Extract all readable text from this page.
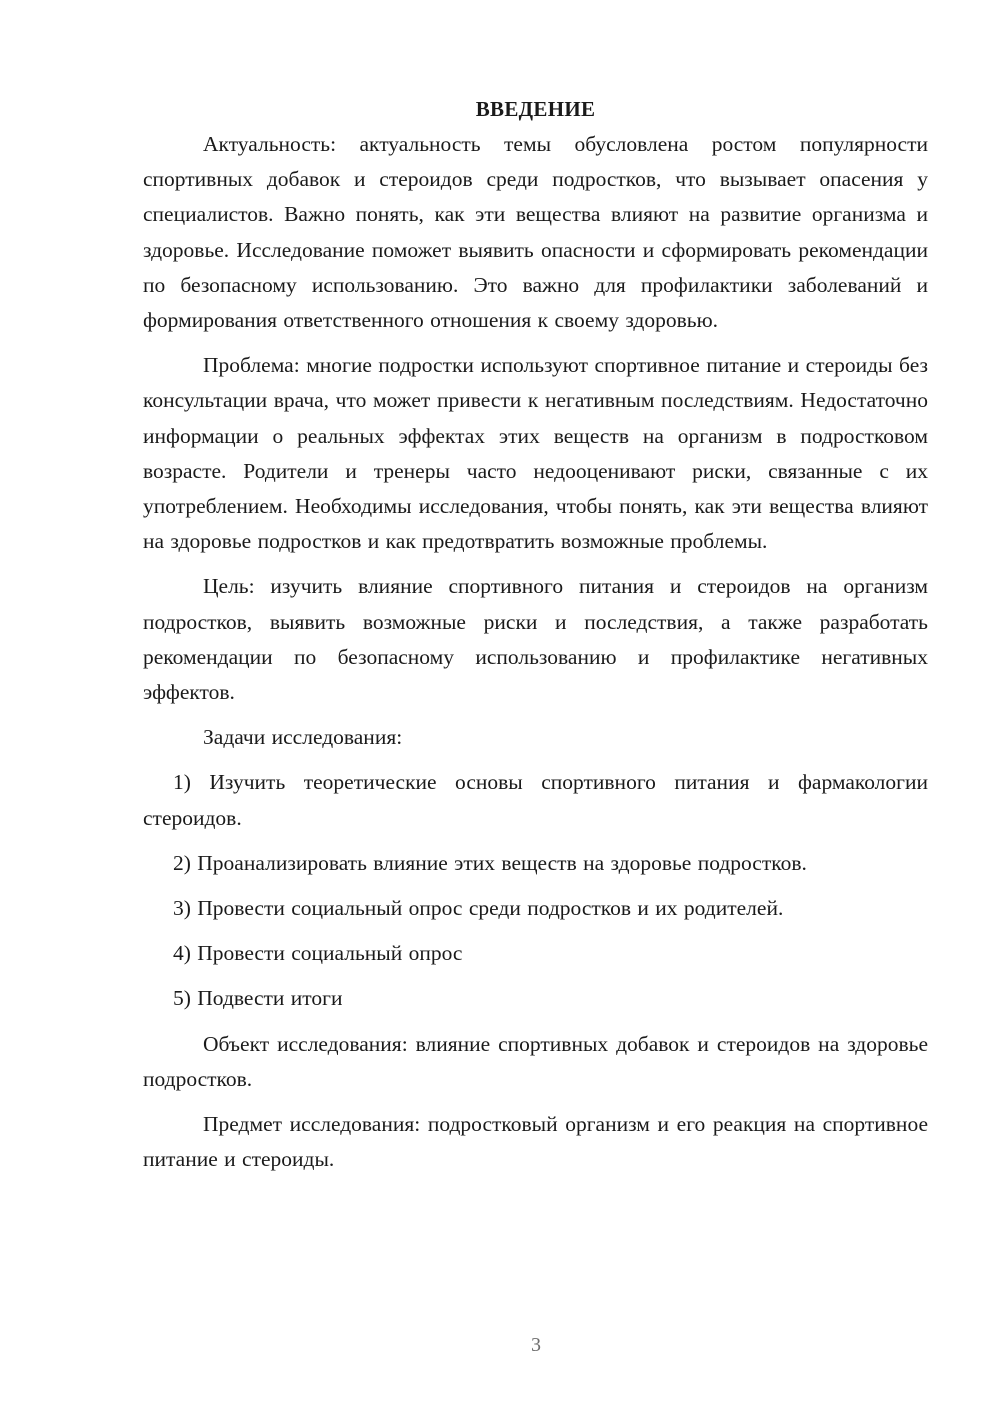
ВВЕДЕНИЕ

Актуальность: актуальность темы обусловлена ростом популярности спортивных добавок и стероидов среди подростков, что вызывает опасения у специалистов. Важно понять, как эти вещества влияют на развитие организма и здоровье. Исследование поможет выявить опасности и сформировать рекомендации по безопасному использованию. Это важно для профилактики заболеваний и формирования ответственного отношения к своему здоровью.

Проблема: многие подростки используют спортивное питание и стероиды без консультации врача, что может привести к негативным последствиям. Недостаточно информации о реальных эффектах этих веществ на организм в подростковом возрасте. Родители и тренеры часто недооценивают риски, связанные с их употреблением. Необходимы исследования, чтобы понять, как эти вещества влияют на здоровье подростков и как предотвратить возможные проблемы.

Цель: изучить влияние спортивного питания и стероидов на организм подростков, выявить возможные риски и последствия, а также разработать рекомендации по безопасному использованию и профилактике негативных эффектов.

Задачи исследования:

1) Изучить теоретические основы спортивного питания и фармакологии стероидов.

2) Проанализировать влияние этих веществ на здоровье подростков.

3) Провести социальный опрос среди подростков и их родителей.

4) Провести социальный опрос

5) Подвести итоги

Объект исследования: влияние спортивных добавок и стероидов на здоровье подростков.

Предмет исследования: подростковый организм и его реакция на спортивное питание и стероиды.

3
